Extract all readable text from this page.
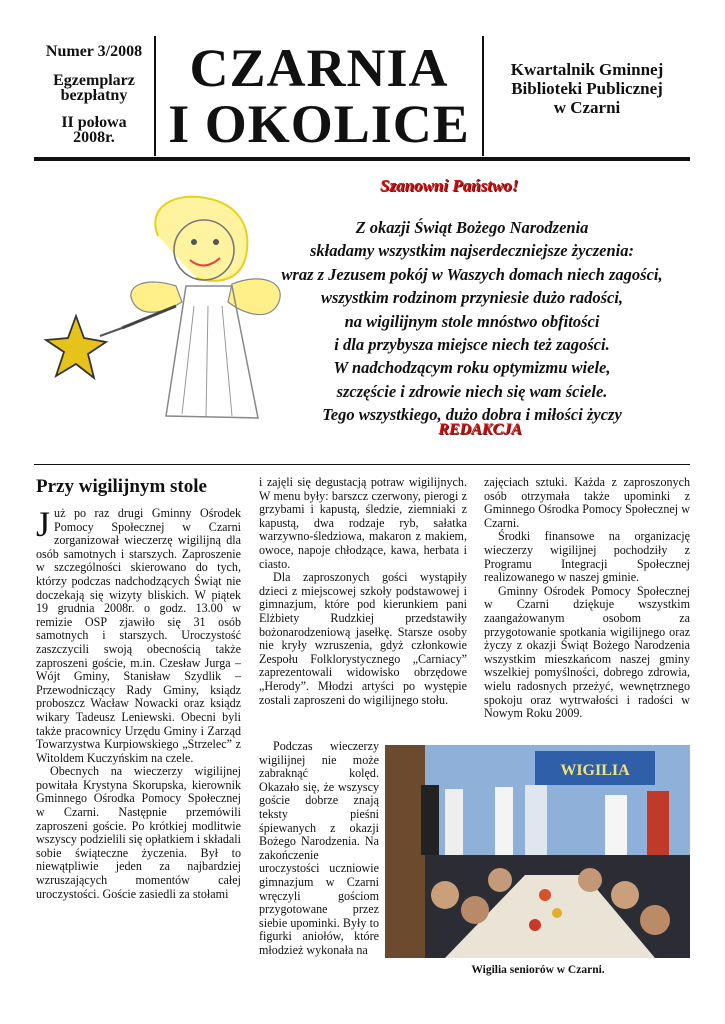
Numer 3/2008
Egzemplarz
bezpłatny
II połowa
2008r.
CZARNIA
I OKOLICE
Kwartalnik Gminnej
Biblioteki Publicznej
w Czarni
Szanowni Państwo!
Z okazji Świąt Bożego Narodzenia
składamy wszystkim najserdeczniejsze życzenia:
wraz z Jezusem pokój w Waszych domach niech zagości,
wszystkim rodzinom przyniesie dużo radości,
na wigilijnym stole mnóstwo obfitości
i dla przybysza miejsce niech też zagości.
W nadchodzącym roku optymizmu wiele,
szczęście i zdrowie niech się wam ściele.
Tego wszystkiego, dużo dobra i miłości życzy
REDAKCJA
Przy wigilijnym stole

Już po raz drugi Gminny Ośrodek Pomocy Społecznej w Czarni zorganizował wieczerzę wigilijną dla osób samotnych i starszych. Zaproszenie w szczególności skierowano do tych, którzy podczas nadchodzących Świąt nie doczekają się wizyty bliskich. W piątek 19 grudnia 2008r. o godz. 13.00 w remizie OSP zjawiło się 31 osób samotnych i starszych. Uroczystość zaszczycili swoją obecnością także zaproszeni goście, m.in. Czesław Jurga – Wójt Gminy, Stanisław Szydlik – Przewodniczący Rady Gminy, ksiądz proboszcz Wacław Nowacki oraz ksiądz wikary Tadeusz Leniewski. Obecni byli także pracownicy Urzędu Gminy i Zarząd Towarzystwa Kurpiowskiego „Strzelec” z Witoldem Kuczyńskim na czele.

Obecnych na wieczerzy wigilijnej powitała Krystyna Skorupska, kierownik Gminnego Ośrodka Pomocy Społecznej w Czarni. Następnie przemówili zaproszeni goście. Po krótkiej modlitwie wszyscy podzielili się opłatkiem i składali sobie świąteczne życzenia. Był to niewątpliwie jeden za najbardziej wzruszających momentów całej uroczystości. Goście zasiedli za stołami

i zajęli się degustacją potraw wigilijnych. W menu były: barszcz czerwony, pierogi z grzybami i kapustą, śledzie, ziemniaki z kapustą, dwa rodzaje ryb, sałatka warzywno-śledziowa, makaron z makiem, owoce, napoje chłodzące, kawa, herbata i ciasto.

Dla zaproszonych gości wystąpiły dzieci z miejscowej szkoły podstawowej i gimnazjum, które pod kierunkiem pani Elżbiety Rudzkiej przedstawiły bożonarodzeniową jasełkę. Starsze osoby nie kryły wzruszenia, gdyż członkowie Zespołu Folklorystycznego „Carniacy” zaprezentowali widowisko obrzędowe „Herody”. Młodzi artyści po występie zostali zaproszeni do wigilijnego stołu.

Podczas wieczerzy wigilijnej nie może zabraknąć kolęd. Okazało się, że wszyscy goście dobrze znają teksty pieśni śpiewanych z okazji Bożego Narodzenia. Na zakończenie uroczystości uczniowie gimnazjum w Czarni wręczyli gościom przygotowane przez siebie upominki. Były to figurki aniołów, które młodzież wykonała na

zajęciach sztuki. Każda z zaproszonych osób otrzymała także upominki z Gminnego Ośrodka Pomocy Społecznej w Czarni.

Środki finansowe na organizację wieczerzy wigilijnej pochodziły z Programu Integracji Społecznej realizowanego w naszej gminie.

Gminny Ośrodek Pomocy Społecznej w Czarni dziękuje wszystkim zaangażowanym osobom za przygotowanie spotkania wigilijnego oraz życzy z okazji Świąt Bożego Narodzenia wszystkim mieszkańcom naszej gminy wszelkiej pomyślności, dobrego zdrowia, wielu radosnych przeżyć, wewnętrznego spokoju oraz wytrwałości i radości w Nowym Roku 2009.

WIGILIA
Wigilia seniorów w Czarni.
